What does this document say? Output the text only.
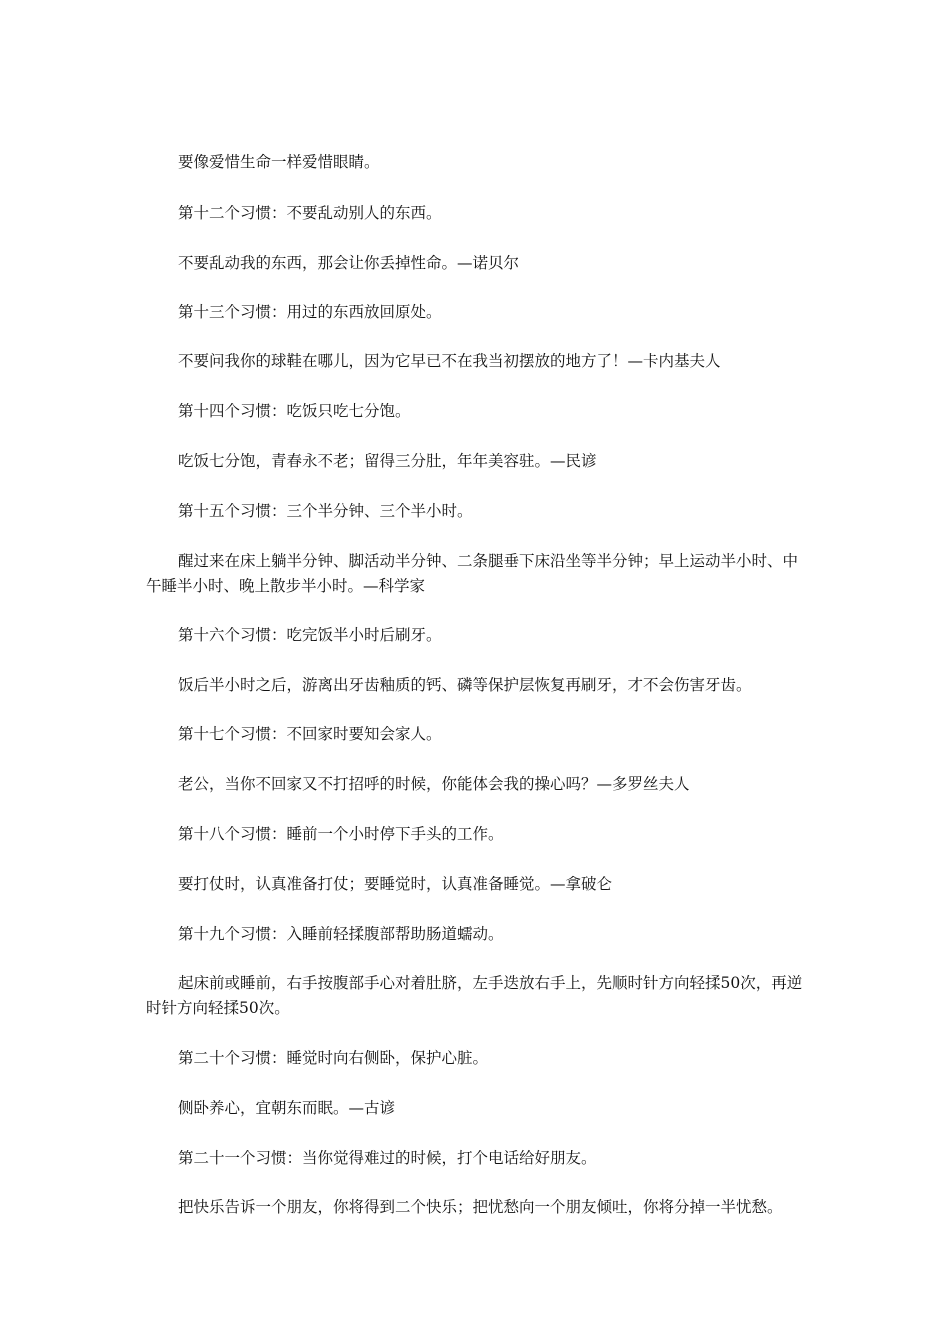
要像爱惜生命一样爱惜眼睛。

第十二个习惯：不要乱动别人的东西。

不要乱动我的东西，那会让你丢掉性命。—诺贝尔

第十三个习惯：用过的东西放回原处。

不要问我你的球鞋在哪儿，因为它早已不在我当初摆放的地方了！—卡内基夫人

第十四个习惯：吃饭只吃七分饱。

吃饭七分饱，青春永不老；留得三分肚，年年美容驻。—民谚

第十五个习惯：三个半分钟、三个半小时。

醒过来在床上躺半分钟、脚活动半分钟、二条腿垂下床沿坐等半分钟；早上运动半小时、中午睡半小时、晚上散步半小时。—科学家

第十六个习惯：吃完饭半小时后刷牙。

饭后半小时之后，游离出牙齿釉质的钙、磷等保护层恢复再刷牙，才不会伤害牙齿。

第十七个习惯：不回家时要知会家人。

老公，当你不回家又不打招呼的时候，你能体会我的操心吗？—多罗丝夫人

第十八个习惯：睡前一个小时停下手头的工作。

要打仗时，认真准备打仗；要睡觉时，认真准备睡觉。—拿破仑

第十九个习惯：入睡前轻揉腹部帮助肠道蠕动。

起床前或睡前，右手按腹部手心对着肚脐，左手迭放右手上，先顺时针方向轻揉50次，再逆时针方向轻揉50次。

第二十个习惯：睡觉时向右侧卧，保护心脏。

侧卧养心，宜朝东而眠。—古谚

第二十一个习惯：当你觉得难过的时候，打个电话给好朋友。

把快乐告诉一个朋友，你将得到二个快乐；把忧愁向一个朋友倾吐，你将分掉一半忧愁。
